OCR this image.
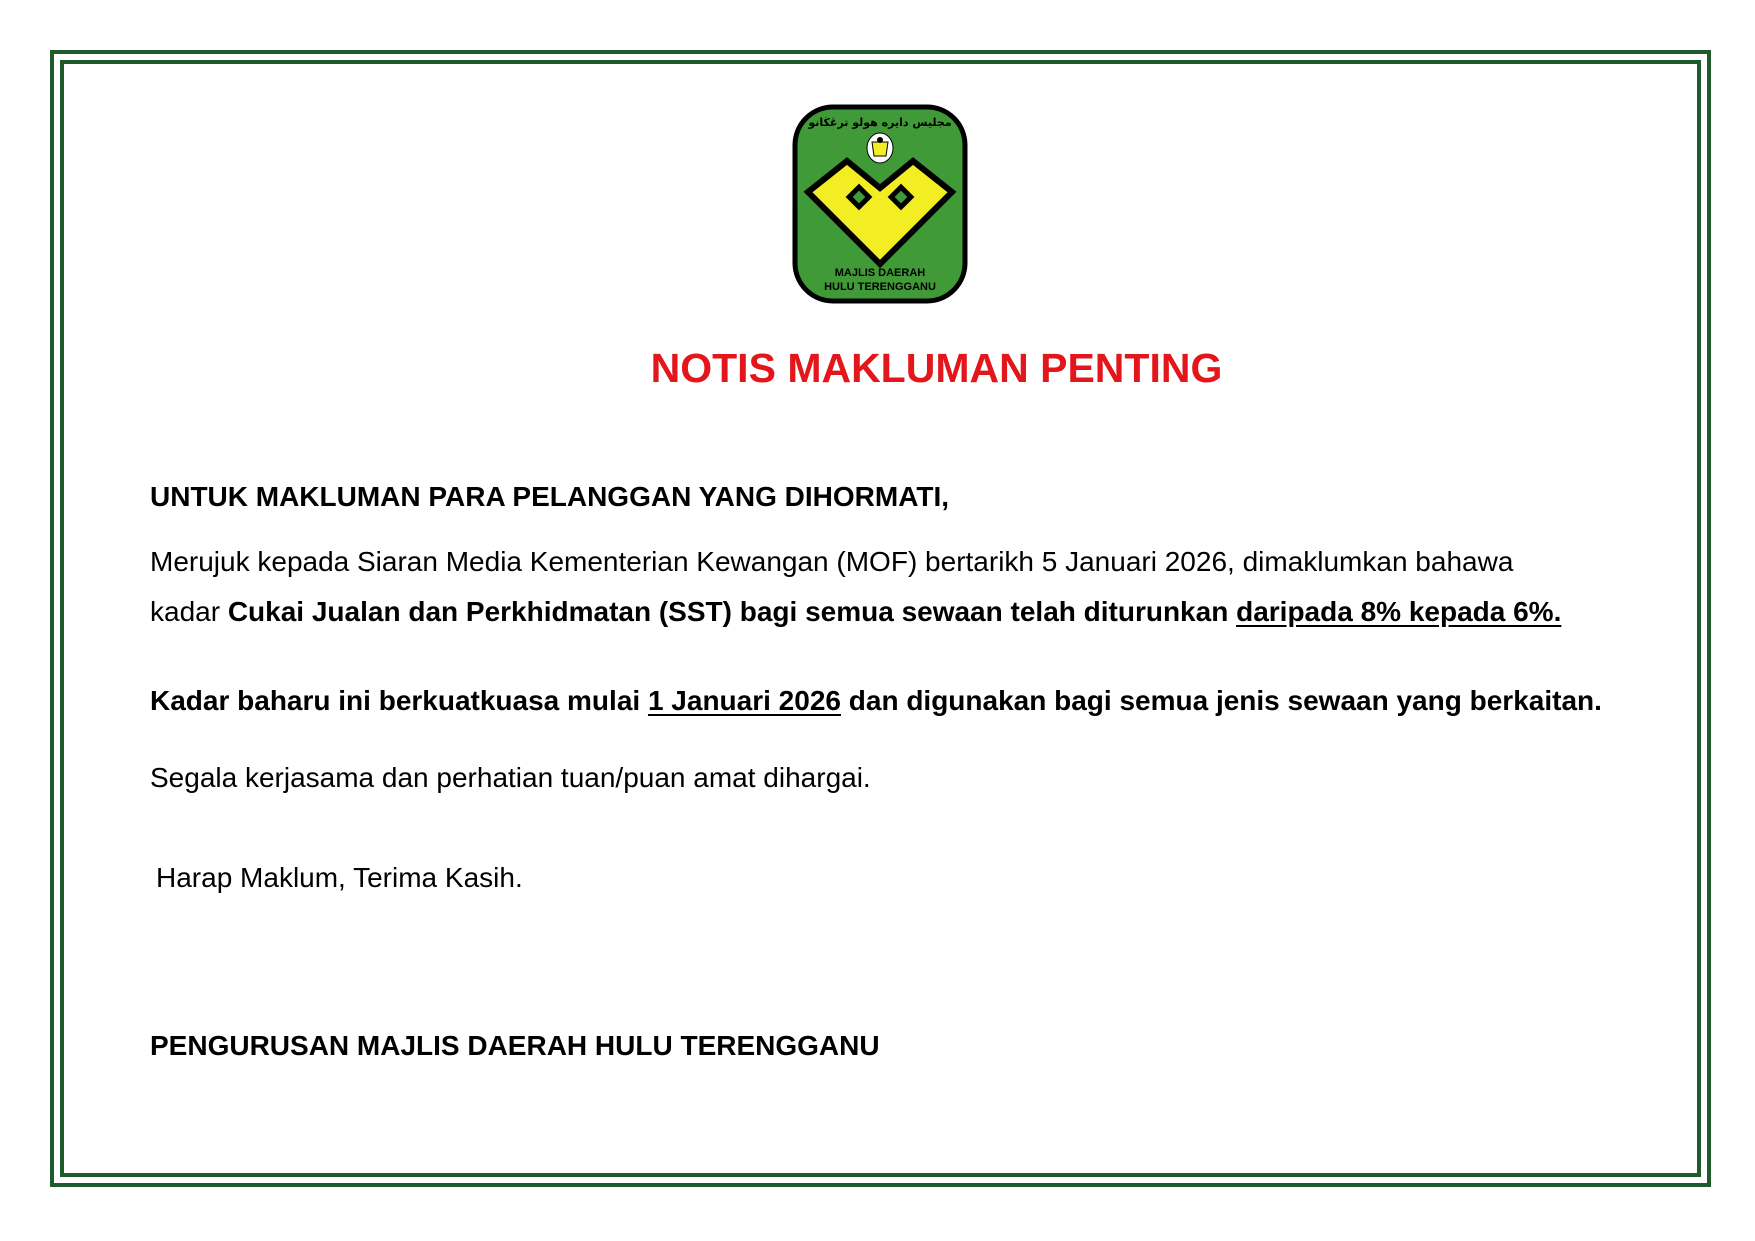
مجليس دايره هولو ترڠڬانو
MAJLIS DAERAH
HULU TERENGGANU
NOTIS MAKLUMAN PENTING
UNTUK MAKLUMAN PARA PELANGGAN YANG DIHORMATI,
Merujuk kepada Siaran Media Kementerian Kewangan (MOF) bertarikh 5 Januari 2026, dimaklumkan bahawa
kadar Cukai Jualan dan Perkhidmatan (SST) bagi semua sewaan telah diturunkan daripada 8% kepada 6%.
Kadar baharu ini berkuatkuasa mulai 1 Januari 2026 dan digunakan bagi semua jenis sewaan yang berkaitan.
Segala kerjasama dan perhatian tuan/puan amat dihargai.
Harap Maklum, Terima Kasih.
PENGURUSAN MAJLIS DAERAH HULU TERENGGANU
